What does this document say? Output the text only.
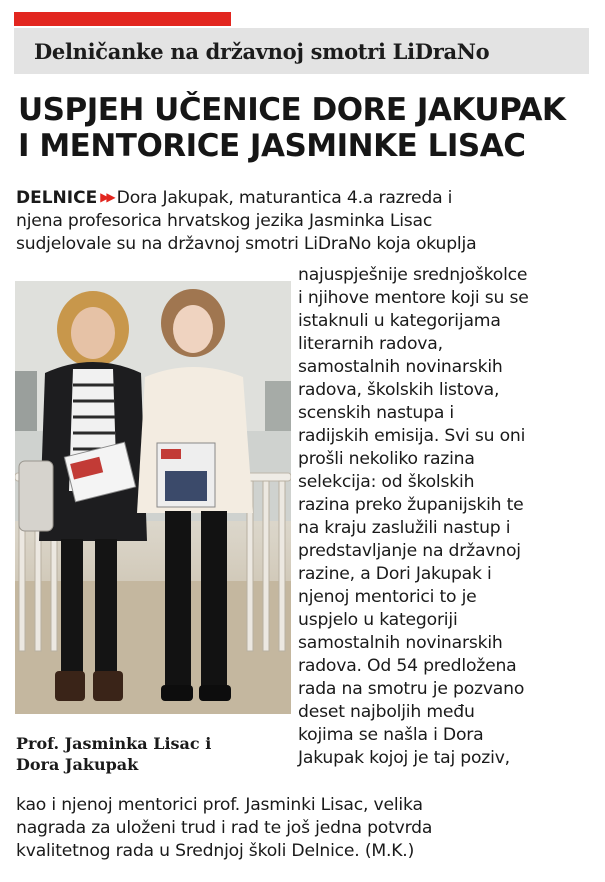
Delničanke na državnoj smotri LiDraNo
USPJEH UČENICE DORE JAKUPAK
I MENTORICE JASMINKE LISAC
DELNICE ▶▶ Dora Jakupak, maturantica 4.a razreda i
njena profesorica hrvatskog jezika Jasminka Lisac
sudjelovale su na državnoj smotri LiDraNo koja okuplja

Prof. Jasminka Lisac i
Dora Jakupak

najuspješnije srednjoškolce
i njihove mentore koji su se
istaknuli u kategorijama
literarnih radova,
samostalnih novinarskih
radova, školskih listova,
scenskih nastupa i
radijskih emisija. Svi su oni
prošli nekoliko razina
selekcija: od školskih
razina preko županijskih te
na kraju zaslužili nastup i
predstavljanje na državnoj
razine, a Dori Jakupak i
njenoj mentorici to je
uspjelo u kategoriji
samostalnih novinarskih
radova. Od 54 predložena
rada na smotru je pozvano
deset najboljih među
kojima se našla i Dora
Jakupak kojoj je taj poziv,
kao i njenoj mentorici prof. Jasminki Lisac, velika
nagrada za uloženi trud i rad te još jedna potvrda
kvalitetnog rada u Srednjoj školi Delnice. (M.K.)
